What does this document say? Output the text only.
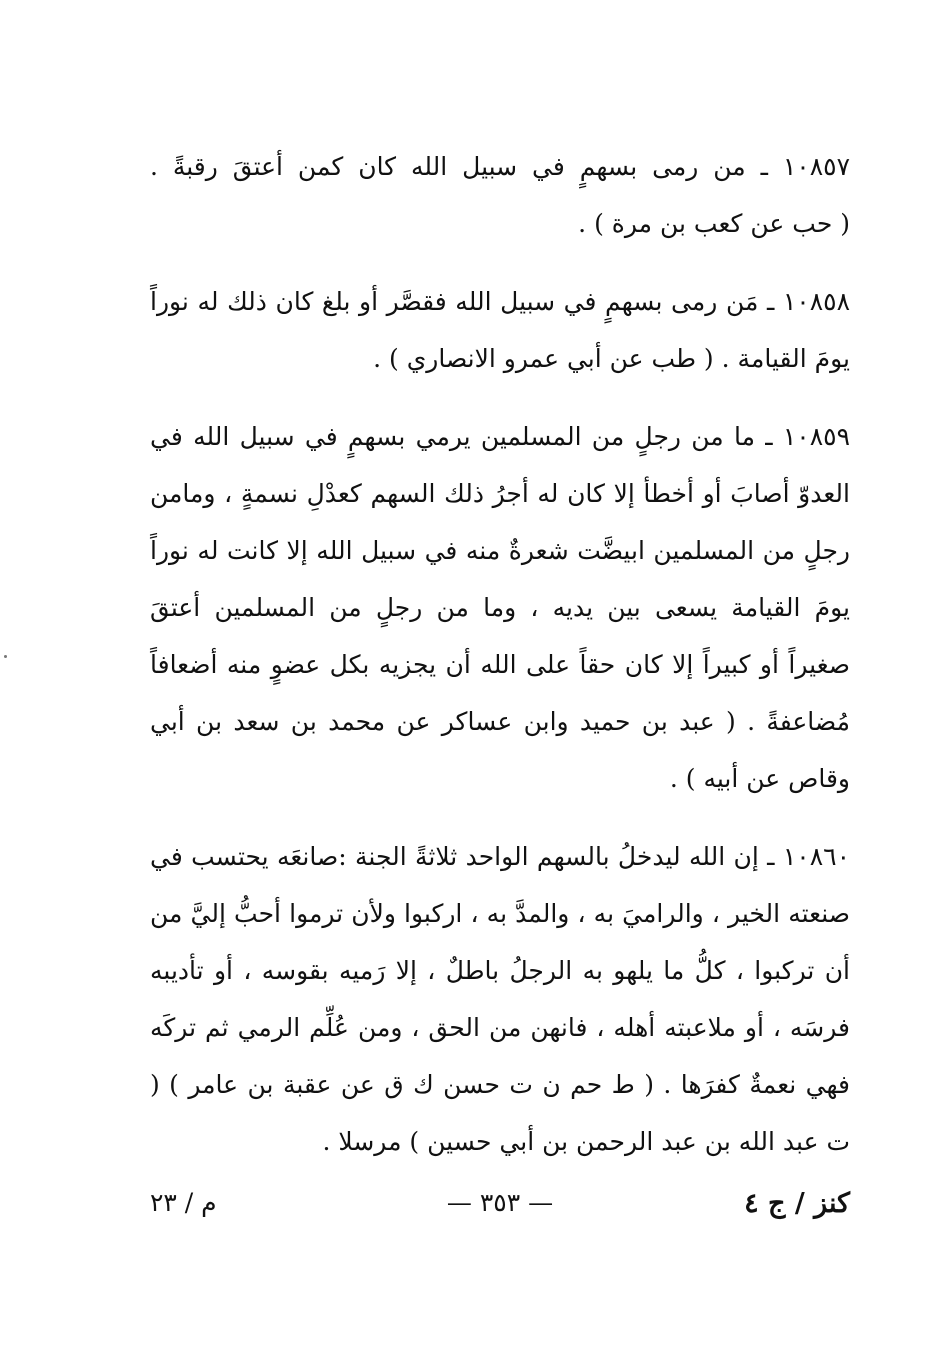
١٠٨٥٧ ـ من رمى بسهمٍ في سبيل الله كان كمن أعتقَ رقبةً . ( حب عن كعب بن مرة ) .

١٠٨٥٨ ـ مَن رمى بسهمٍ في سبيل الله فقصَّر أو بلغ كان ذلك له نوراً يومَ القيامة . ( طب عن أبي عمرو الانصاري ) .

١٠٨٥٩ ـ ما من رجلٍ من المسلمين يرمي بسهمٍ في سبيل الله في العدوّ أصابَ أو أخطأ إلا كان له أجرُ ذلك السهم كعدْلِ نسمةٍ ، ومامن رجلٍ من المسلمين ابيضَّت شعرةٌ منه في سبيل الله إلا كانت له نوراً يومَ القيامة يسعى بين يديه ، وما من رجلٍ من المسلمين أعتقَ صغيراً أو كبيراً إلا كان حقاً على الله أن يجزيه بكل عضوٍ منه أضعافاً مُضاعفةً . ( عبد بن حميد وابن عساكر عن محمد بن سعد بن أبي وقاص عن أبيه ) .

١٠٨٦٠ ـ إن الله ليدخلُ بالسهم الواحد ثلاثةً الجنة :صانعَه يحتسب في صنعته الخير ، والراميَ به ، والمدَّ به ، اركبوا ولأن ترموا أحبُّ إليَّ من أن تركبوا ، كلُّ ما يلهو به الرجلُ باطلٌ ، إلا رَميه بقوسه ، أو تأديبه فرسَه ، أو ملاعبته أهله ، فانهن من الحق ، ومن عُلِّم الرمي ثم تركَه فهي نعمةٌ كفرَها . ( ط حم ن ت حسن ك ق عن عقبة بن عامر ) ( ت عبد الله بن عبد الرحمن بن أبي حسين ) مرسلا .

كنز / ج ٤
— ٣٥٣ —
م / ٢٣
